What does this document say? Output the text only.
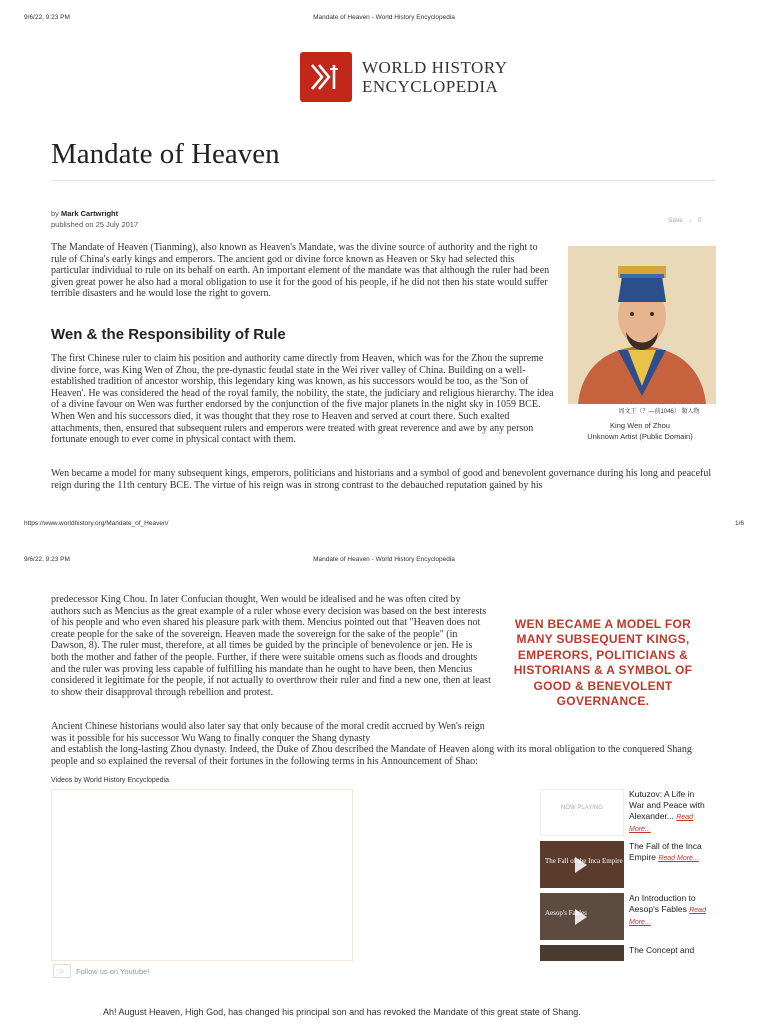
9/6/22, 9:23 PM	Mandate of Heaven - World History Encyclopedia
WORLD HISTORY
ENCYCLOPEDIA
Mandate of Heaven
by Mark Cartwright
published on 25 July 2017	Save ‹ 0

The Mandate of Heaven (Tianming), also known as Heaven's Mandate, was the divine source of authority and the right to rule of China's early kings and emperors. The ancient god or divine force known as Heaven or Sky had selected this particular individual to rule on its behalf on earth. An important element of the mandate was that although the ruler had been given great power he also had a moral obligation to use it for the good of his people, if he did not then his state would suffer terrible disasters and he would lose the right to govern.

Wen & the Responsibility of Rule

The first Chinese ruler to claim his position and authority came directly from Heaven, which was for the Zhou the supreme divine force, was King Wen of Zhou, the pre-dynastic feudal state in the Wei river valley of China. Building on a well-established tradition of ancestor worship, this legendary king was known, as his successors would be too, as the 'Son of Heaven'. He was considered the head of the royal family, the nobility, the state, the judiciary and religious hierarchy. The idea of a divine favour on Wen was further endorsed by the conjunction of the five major planets in the night sky in 1059 BCE. When Wen and his successors died, it was thought that they rose to Heaven and served at court there. Such exalted attachments, then, ensured that subsequent rulers and emperors were treated with great reverence and awe by any person fortunate enough to ever come in physical contact with them.

周文王（？—前1046） 類人物
King Wen of Zhou
Unknown Artist (Public Domain)

Wen became a model for many subsequent kings, emperors, politicians and historians and a symbol of good and benevolent governance during his long and peaceful reign during the 11th century BCE. The virtue of his reign was in strong contrast to the debauched reputation gained by his

https://www.worldhistory.org/Mandate_of_Heaven/	1/6
9/6/22, 9:23 PM	Mandate of Heaven - World History Encyclopedia

predecessor King Chou. In later Confucian thought, Wen would be idealised and he was often cited by authors such as Mencius as the great example of a ruler whose every decision was based on the best interests of his people and who even shared his pleasure park with them. Mencius pointed out that "Heaven does not create people for the sake of the sovereign. Heaven made the sovereign for the sake of the people" (in Dawson, 8). The ruler must, therefore, at all times be guided by the principle of benevolence or jen. He is both the mother and father of the people. Further, if there were suitable omens such as floods and droughts and the ruler was proving less capable of fulfilling his mandate than he ought to have been, then Mencius considered it legitimate for the people, if not actually to overthrow their ruler and find a new one, then at least to show their disapproval through rebellion and protest.

WEN BECAME A MODEL FOR MANY SUBSEQUENT KINGS, EMPERORS, POLITICIANS & HISTORIANS & A SYMBOL OF GOOD & BENEVOLENT GOVERNANCE.

Ancient Chinese historians would also later say that only because of the moral credit accrued by Wen's reign was it possible for his successor Wu Wang to finally conquer the Shang dynasty

and establish the long-lasting Zhou dynasty. Indeed, the Duke of Zhou described the Mandate of Heaven along with its moral obligation to the conquered Shang people and so explained the reversal of their fortunes in the following terms in his Announcement of Shao:

Videos by World History Encyclopedia
▷	Follow us on Youtube!
NOW PLAYING
Kutuzov: A Life in War and Peace with Alexander... Read More...
The Fall of the Inca Empire
The Fall of the Inca Empire Read More...
Aesop's Fables
An Introduction to Aesop's Fables Read More...
The Concept and
Ah! August Heaven, High God, has changed his principal son and has revoked the Mandate of this great state of Shang.
